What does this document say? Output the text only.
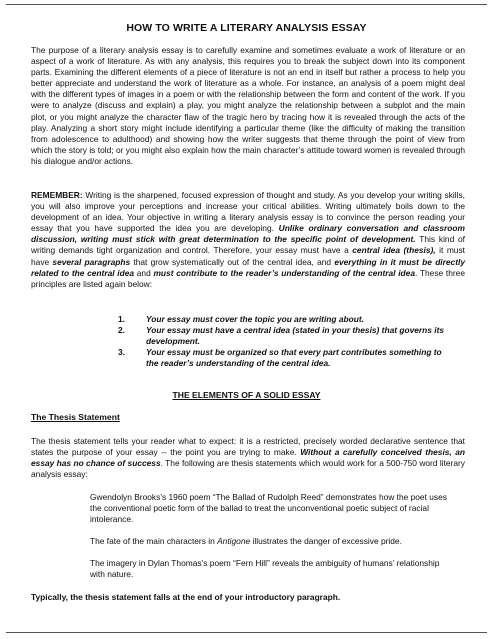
HOW TO WRITE A LITERARY ANALYSIS ESSAY

The purpose of a literary analysis essay is to carefully examine and sometimes evaluate a work of literature or an aspect of a work of literature. As with any analysis, this requires you to break the subject down into its component parts. Examining the different elements of a piece of literature is not an end in itself but rather a process to help you better appreciate and understand the work of literature as a whole. For instance, an analysis of a poem might deal with the different types of images in a poem or with the relationship between the form and content of the work. If you were to analyze (discuss and explain) a play, you might analyze the relationship between a subplot and the main plot, or you might analyze the character flaw of the tragic hero by tracing how it is revealed through the acts of the play. Analyzing a short story might include identifying a particular theme (like the difficulty of making the transition from adolescence to adulthood) and showing how the writer suggests that theme through the point of view from which the story is told; or you might also explain how the main character’s attitude toward women is revealed through his dialogue and/or actions.

REMEMBER: Writing is the sharpened, focused expression of thought and study. As you develop your writing skills, you will also improve your perceptions and increase your critical abilities. Writing ultimately boils down to the development of an idea. Your objective in writing a literary analysis essay is to convince the person reading your essay that you have supported the idea you are developing. Unlike ordinary conversation and classroom discussion, writing must stick with great determination to the specific point of development. This kind of writing demands tight organization and control. Therefore, your essay must have a central idea (thesis), it must have several paragraphs that grow systematically out of the central idea, and everything in it must be directly related to the central idea and must contribute to the reader’s understanding of the central idea. These three principles are listed again below:

1.	Your essay must cover the topic you are writing about.
2.	Your essay must have a central idea (stated in your thesis) that governs its development.
3.	Your essay must be organized so that every part contributes something to the reader’s understanding of the central idea.
THE ELEMENTS OF A SOLID ESSAY
The Thesis Statement

The thesis statement tells your reader what to expect: it is a restricted, precisely worded declarative sentence that states the purpose of your essay -- the point you are trying to make. Without a carefully conceived thesis, an essay has no chance of success. The following are thesis statements which would work for a 500-750 word literary analysis essay:

Gwendolyn Brooks’s 1960 poem “The Ballad of Rudolph Reed” demonstrates how the poet uses the conventional poetic form of the ballad to treat the unconventional poetic subject of racial intolerance.

The fate of the main characters in Antigone illustrates the danger of excessive pride.

The imagery in Dylan Thomas’s poem “Fern Hill” reveals the ambiguity of humans’ relationship with nature.

Typically, the thesis statement falls at the end of your introductory paragraph.
